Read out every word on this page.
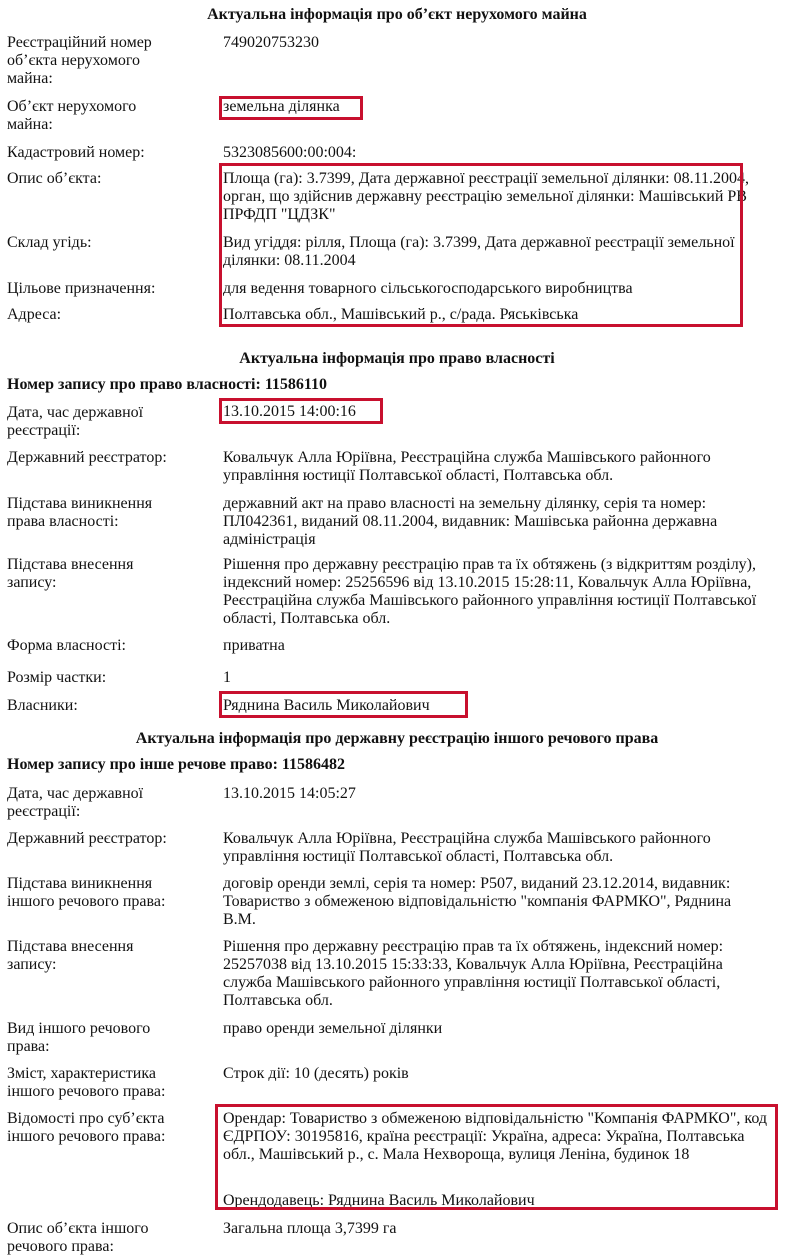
Актуальна інформація про об’єкт нерухомого майна
Реєстраційний номер об’єкта нерухомого майна:
749020753230
Об’єкт нерухомого майна:
земельна ділянка
Кадастровий номер:	5323085600:00:004:
Опис об’єкта:	Площа (га): 3.7399, Дата державної реєстрації земельної ділянки: 08.11.2004, орган, що здійснив державну реєстрацію земельної ділянки: Машівський РВ ПРФДП "ЦДЗК"
Склад угідь:	Вид угіддя: рілля, Площа (га): 3.7399, Дата державної реєстрації земельної ділянки: 08.11.2004
Цільове призначення:	для ведення товарного сільськогосподарського виробництва
Адреса:	Полтавська обл., Машівський р., с/рада. Ряськівська
Актуальна інформація про право власності
Номер запису про право власності: 11586110
Дата, час державної реєстрації:
13.10.2015 14:00:16
Державний реєстратор:	Ковальчук Алла Юріївна, Реєстраційна служба Машівського районного управління юстиції Полтавської області, Полтавська обл.
Підстава виникнення права власності:
державний акт на право власності на земельну ділянку, серія та номер: ПЛ042361, виданий 08.11.2004, видавник: Машівська районна державна адміністрація
Підстава внесення запису:
Рішення про державну реєстрацію прав та їх обтяжень (з відкриттям розділу), індексний номер: 25256596 від 13.10.2015 15:28:11, Ковальчук Алла Юріївна, Реєстраційна служба Машівського районного управління юстиції Полтавської області, Полтавська обл.
Форма власності:	приватна
Розмір частки:	1
Власники:	Ряднина Василь Миколайович
Актуальна інформація про державну реєстрацію іншого речового права
Номер запису про інше речове право: 11586482
Дата, час державної реєстрації:
13.10.2015 14:05:27
Державний реєстратор:	Ковальчук Алла Юріївна, Реєстраційна служба Машівського районного управління юстиції Полтавської області, Полтавська обл.
Підстава виникнення іншого речового права:
договір оренди землі, серія та номер: Р507, виданий 23.12.2014, видавник: Товариство з обмеженою відповідальністю "компанія ФАРМКО", Ряднина В.М.
Підстава внесення запису:
Рішення про державну реєстрацію прав та їх обтяжень, індексний номер: 25257038 від 13.10.2015 15:33:33, Ковальчук Алла Юріївна, Реєстраційна служба Машівського районного управління юстиції Полтавської області, Полтавська обл.
Вид іншого речового права:
право оренди земельної ділянки
Зміст, характеристика іншого речового права:
Строк дії: 10 (десять) років
Відомості про суб’єкта іншого речового права:
Орендар: Товариство з обмеженою відповідальністю "Компанія ФАРМКО", код ЄДРПОУ: 30195816, країна реєстрації: Україна, адреса: Україна, Полтавська обл., Машівський р., с. Мала Нехвороща, вулиця Леніна, будинок 18
Орендодавець: Ряднина Василь Миколайович
Опис об’єкта іншого речового права:
Загальна площа 3,7399 га
